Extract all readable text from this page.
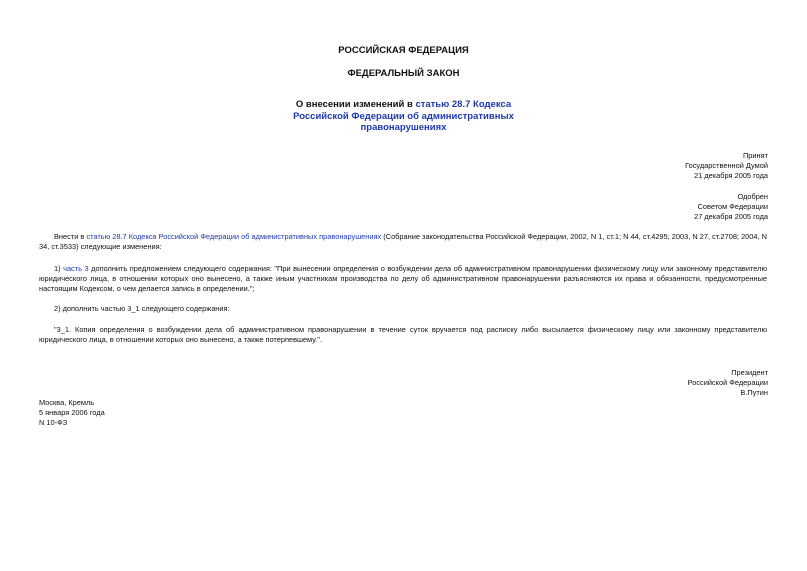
РОССИЙСКАЯ ФЕДЕРАЦИЯ
ФЕДЕРАЛЬНЫЙ ЗАКОН
О внесении изменений в статью 28.7 Кодекса
Российской Федерации об административных
правонарушениях
Принят
Государственной Думой
21 декабря 2005 года
Одобрен
Советом Федерации
27 декабря 2005 года
Внести в статью 28.7 Кодекса Российской Федерации об административных правонарушениях (Собрание законодательства Российской Федерации, 2002, N 1, ст.1; N 44, ст.4295; 2003, N 27, ст.2708; 2004, N 34, ст.3533) следующие изменения:
1) часть 3 дополнить предложением следующего содержания: "При вынесении определения о возбуждении дела об административном правонарушении физическому лицу или законному представителю юридического лица, в отношении которых оно вынесено, а также иным участникам производства по делу об административном правонарушении разъясняются их права и обязанности, предусмотренные настоящим Кодексом, о чем делается запись в определении.";
2) дополнить частью 3_1 следующего содержания:
"3_1. Копия определения о возбуждении дела об административном правонарушении в течение суток вручается под расписку либо высылается физическому лицу или законному представителю юридического лица, в отношении которых оно вынесено, а также потерпевшему.".
Президент
Российской Федерации
В.Путин
Москва, Кремль
5 января 2006 года
N 10-ФЗ
